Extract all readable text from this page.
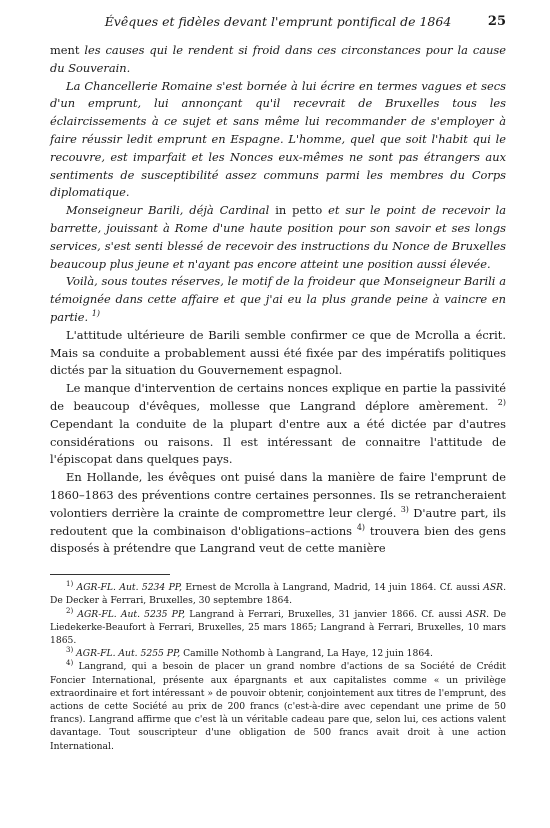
Évêques et fidèles devant l'emprunt pontifical de 1864	25

ment les causes qui le rendent si froid dans ces circonstances pour la cause du Souverain.

La Chancellerie Romaine s'est bornée à lui écrire en termes vagues et secs d'un emprunt, lui annonçant qu'il recevrait de Bruxelles tous les éclaircissements à ce sujet et sans même lui recommander de s'employer à faire réussir ledit emprunt en Espagne. L'homme, quel que soit l'habit qui le recouvre, est imparfait et les Nonces eux-mêmes ne sont pas étrangers aux sentiments de susceptibilité assez communs parmi les membres du Corps diplomatique.

Monseigneur Barili, déjà Cardinal in petto et sur le point de recevoir la barrette, jouissant à Rome d'une haute position pour son savoir et ses longs services, s'est senti blessé de recevoir des instructions du Nonce de Bruxelles beaucoup plus jeune et n'ayant pas encore atteint une position aussi élevée.

Voilà, sous toutes réserves, le motif de la froideur que Monseigneur Barili a témoignée dans cette affaire et que j'ai eu la plus grande peine à vaincre en partie. $^{1)}$

L'attitude ultérieure de Barili semble confirmer ce que de Mcrolla a écrit. Mais sa conduite a probablement aussi été fixée par des impératifs politiques dictés par la situation du Gouvernement espagnol.

Le manque d'intervention de certains nonces explique en partie la passivité de beaucoup d'évêques, mollesse que Langrand déplore amèrement. $^{2)}$ Cependant la conduite de la plupart d'entre aux a été dictée par d'autres considérations ou raisons. Il est intéressant de connaitre l'attitude de l'épiscopat dans quelques pays.

En Hollande, les évêques ont puisé dans la manière de faire l'emprunt de 1860–1863 des préventions contre certaines personnes. Ils se retrancheraient volontiers derrière la crainte de compromettre leur clergé. $^{3)}$ D'autre part, ils redoutent que la combinaison d'obligations–actions $^{4)}$ trouvera bien des gens disposés à prétendre que Langrand veut de cette manière

$^{1)}$ AGR-FL. Aut. 5234 PP, Ernest de Mcrolla à Langrand, Madrid, 14 juin 1864. Cf. aussi ASR. De Decker à Ferrari, Bruxelles, 30 septembre 1864.

$^{2)}$ AGR-FL. Aut. 5235 PP, Langrand à Ferrari, Bruxelles, 31 janvier 1866. Cf. aussi ASR. De Liedekerke-Beaufort à Ferrari, Bruxelles, 25 mars 1865; Langrand à Ferrari, Bruxelles, 10 mars 1865.

$^{3)}$ AGR-FL. Aut. 5255 PP, Camille Nothomb à Langrand, La Haye, 12 juin 1864.

$^{4)}$ Langrand, qui a besoin de placer un grand nombre d'actions de sa Société de Crédit Foncier International, présente aux épargnants et aux capitalistes comme « un privilège extraordinaire et fort intéressant » de pouvoir obtenir, conjointement aux titres de l'emprunt, des actions de cette Société au prix de 200 francs (c'est-à-dire avec cependant une prime de 50 francs). Langrand affirme que c'est là un véritable cadeau pare que, selon lui, ces actions valent davantage. Tout souscripteur d'une obligation de 500 francs avait droit à une action International.
